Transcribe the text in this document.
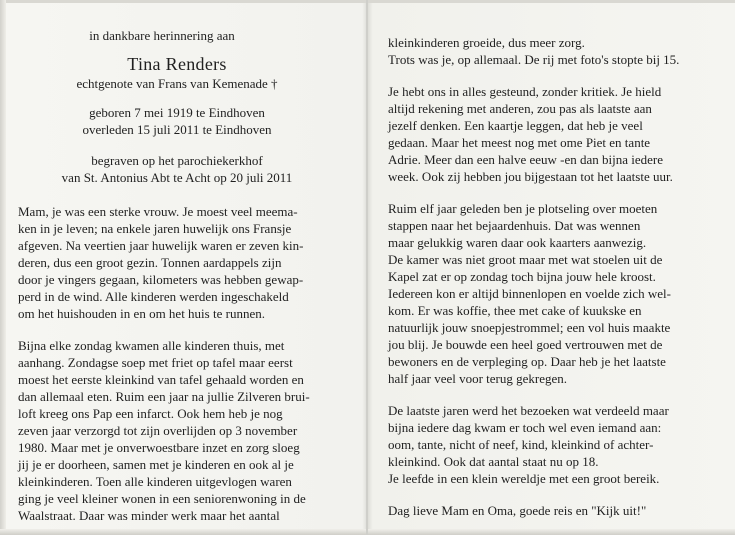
in dankbare herinnering aan
Tina Renders
echtgenote van Frans van Kemenade †
geboren 7 mei 1919 te Eindhoven
overleden 15 juli 2011 te Eindhoven
begraven op het parochiekerkhof
van St. Antonius Abt te Acht op 20 juli 2011
Mam, je was een sterke vrouw. Je moest veel meema-
ken in je leven; na enkele jaren huwelijk ons Fransje
afgeven. Na veertien jaar huwelijk waren er zeven kin-
deren, dus een groot gezin. Tonnen aardappels zijn
door je vingers gegaan, kilometers was hebben gewap-
perd in de wind. Alle kinderen werden ingeschakeld
om het huishouden in en om het huis te runnen.
Bijna elke zondag kwamen alle kinderen thuis, met
aanhang. Zondagse soep met friet op tafel maar eerst
moest het eerste kleinkind van tafel gehaald worden en
dan allemaal eten. Ruim een jaar na jullie Zilveren brui-
loft kreeg ons Pap een infarct. Ook hem heb je nog
zeven jaar verzorgd tot zijn overlijden op 3 november
1980. Maar met je onverwoestbare inzet en zorg sloeg
jij je er doorheen, samen met je kinderen en ook al je
kleinkinderen. Toen alle kinderen uitgevlogen waren
ging je veel kleiner wonen in een seniorenwoning in de
Waalstraat. Daar was minder werk maar het aantal
kleinkinderen groeide, dus meer zorg.
Trots was je, op allemaal. De rij met foto's stopte bij 15.
Je hebt ons in alles gesteund, zonder kritiek. Je hield
altijd rekening met anderen, zou pas als laatste aan
jezelf denken. Een kaartje leggen, dat heb je veel
gedaan. Maar het meest nog met ome Piet en tante
Adrie. Meer dan een halve eeuw -en dan bijna iedere
week. Ook zij hebben jou bijgestaan tot het laatste uur.
Ruim elf jaar geleden ben je plotseling over moeten
stappen naar het bejaardenhuis. Dat was wennen
maar gelukkig waren daar ook kaarters aanwezig.
De kamer was niet groot maar met wat stoelen uit de
Kapel zat er op zondag toch bijna jouw hele kroost.
Iedereen kon er altijd binnenlopen en voelde zich wel-
kom. Er was koffie, thee met cake of kuukske en
natuurlijk jouw snoepjestrommel; een vol huis maakte
jou blij. Je bouwde een heel goed vertrouwen met de
bewoners en de verpleging op. Daar heb je het laatste
half jaar veel voor terug gekregen.
De laatste jaren werd het bezoeken wat verdeeld maar
bijna iedere dag kwam er toch wel even iemand aan:
oom, tante, nicht of neef, kind, kleinkind of achter-
kleinkind. Ook dat aantal staat nu op 18.
Je leefde in een klein wereldje met een groot bereik.
Dag lieve Mam en Oma, goede reis en "Kijk uit!"
